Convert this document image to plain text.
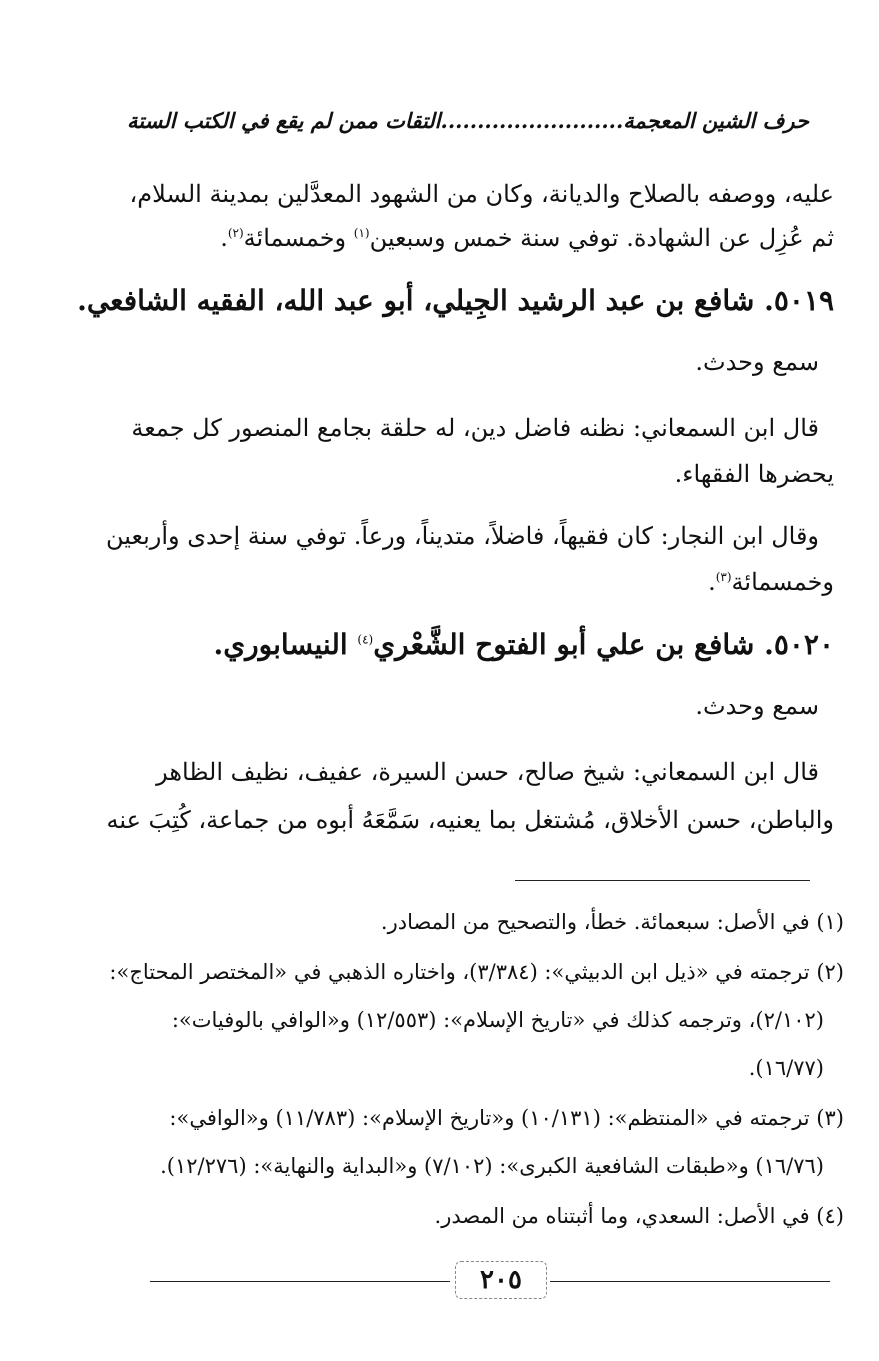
حرف الشين المعجمة.........................التقات ممن لم يقع في الكتب الستة
عليه، ووصفه بالصلاح والديانة، وكان من الشهود المعدَّلين بمدينة السلام،
ثم عُزِل عن الشهادة. توفي سنة خمس وسبعين$^{(١)}$ وخمسمائة$^{(٢)}$.
٥٠١٩. شافع بن عبد الرشيد الجِيلي، أبو عبد الله، الفقيه الشافعي.
سمع وحدث.
قال ابن السمعاني: نظنه فاضل دين، له حلقة بجامع المنصور كل جمعة
يحضرها الفقهاء.
وقال ابن النجار: كان فقيهاً، فاضلاً، متديناً، ورعاً. توفي سنة إحدى وأربعين
وخمسمائة$^{(٣)}$.
٥٠٢٠. شافع بن علي أبو الفتوح الشَّعْري$^{(٤)}$ النيسابوري.
سمع وحدث.
قال ابن السمعاني: شيخ صالح، حسن السيرة، عفيف، نظيف الظاهر
والباطن، حسن الأخلاق، مُشتغل بما يعنيه، سَمَّعَهُ أبوه من جماعة، كُتِبَ عنه
(١) في الأصل: سبعمائة. خطأ، والتصحيح من المصادر.
(٢) ترجمته في «ذيل ابن الدبيثي»: (٣/٣٨٤)، واختاره الذهبي في «المختصر المحتاج»:
(٢/١٠٢)، وترجمه كذلك في «تاريخ الإسلام»: (١٢/٥٥٣) و«الوافي بالوفيات»:
(١٦/٧٧).
(٣) ترجمته في «المنتظم»: (١٠/١٣١) و«تاريخ الإسلام»: (١١/٧٨٣) و«الوافي»:
(١٦/٧٦) و«طبقات الشافعية الكبرى»: (٧/١٠٢) و«البداية والنهاية»: (١٢/٢٧٦).
(٤) في الأصل: السعدي، وما أثبتناه من المصدر.
٢٠٥
